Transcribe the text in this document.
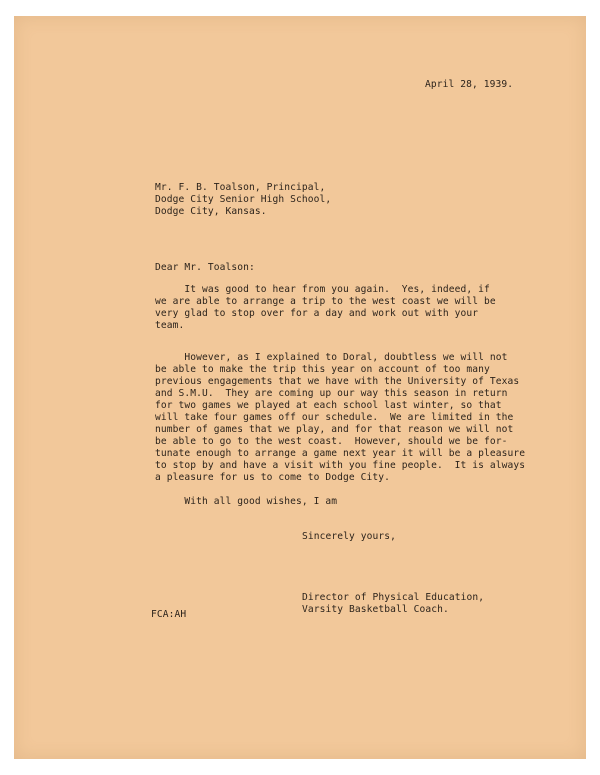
April 28, 1939.
Mr. F. B. Toalson, Principal,
Dodge City Senior High School,
Dodge City, Kansas.
Dear Mr. Toalson:
It was good to hear from you again.  Yes, indeed, if
we are able to arrange a trip to the west coast we will be
very glad to stop over for a day and work out with your
team.
However, as I explained to Doral, doubtless we will not
be able to make the trip this year on account of too many
previous engagements that we have with the University of Texas
and S.M.U.  They are coming up our way this season in return
for two games we played at each school last winter, so that
will take four games off our schedule.  We are limited in the
number of games that we play, and for that reason we will not
be able to go to the west coast.  However, should we be for-
tunate enough to arrange a game next year it will be a pleasure
to stop by and have a visit with you fine people.  It is always
a pleasure for us to come to Dodge City.
With all good wishes, I am
Sincerely yours,
Director of Physical Education,
Varsity Basketball Coach.
FCA:AH
